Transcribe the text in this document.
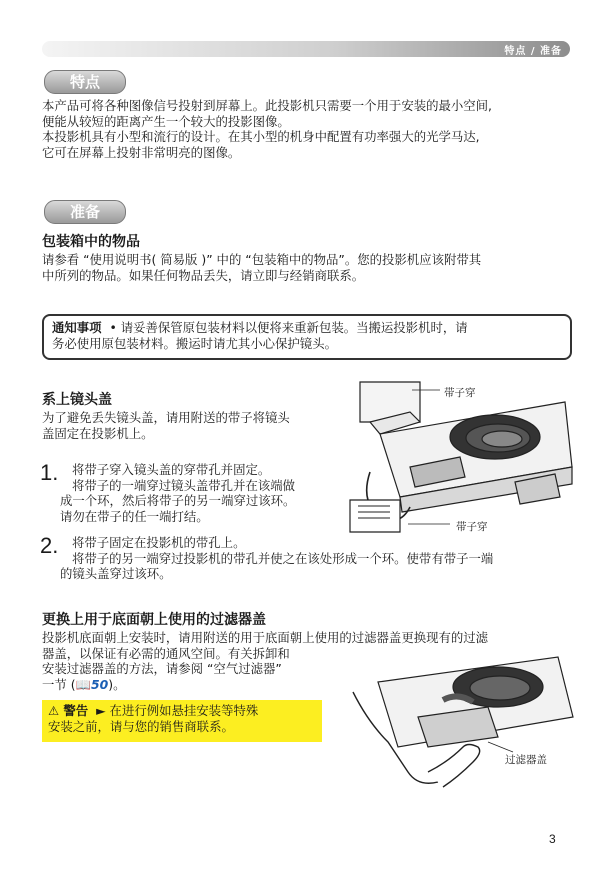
特点 / 准备
特点
本产品可将各种图像信号投射到屏幕上。此投影机只需要一个用于安装的最小空间,
便能从较短的距离产生一个较大的投影图像。
本投影机具有小型和流行的设计。在其小型的机身中配置有功率强大的光学马达,
它可在屏幕上投射非常明亮的图像。
准备
包装箱中的物品
请参看 “使用说明书( 简易版 )” 中的 “包装箱中的物品”。您的投影机应该附带其
中所列的物品。如果任何物品丢失，请立即与经销商联系。
通知事项 • 请妥善保管原包装材料以便将来重新包装。当搬运投影机时，请
务必使用原包装材料。搬运时请尤其小心保护镜头。
系上镜头盖
为了避免丢失镜头盖，请用附送的带子将镜头
盖固定在投影机上。
1.	将带子穿入镜头盖的穿带孔并固定。
将带子的一端穿过镜头盖带孔并在该端做
成一个环，然后将带子的另一端穿过该环。
请勿在带子的任一端打结。
2.	将带子固定在投影机的带孔上。
将带子的另一端穿过投影机的带孔并使之在该处形成一个环。使带有带子一端
的镜头盖穿过该环。
带子穿
带子穿
更换上用于底面朝上使用的过滤器盖
投影机底面朝上安装时，请用附送的用于底面朝上使用的过滤器盖更换现有的过滤
器盖，以保证有必需的通风空间。有关拆卸和
安装过滤器盖的方法，请参阅 “空气过滤器”
一节 (📖50)。
⚠ 警告 ► 在进行例如悬挂安装等特殊
安装之前，请与您的销售商联系。
过滤器盖
3
